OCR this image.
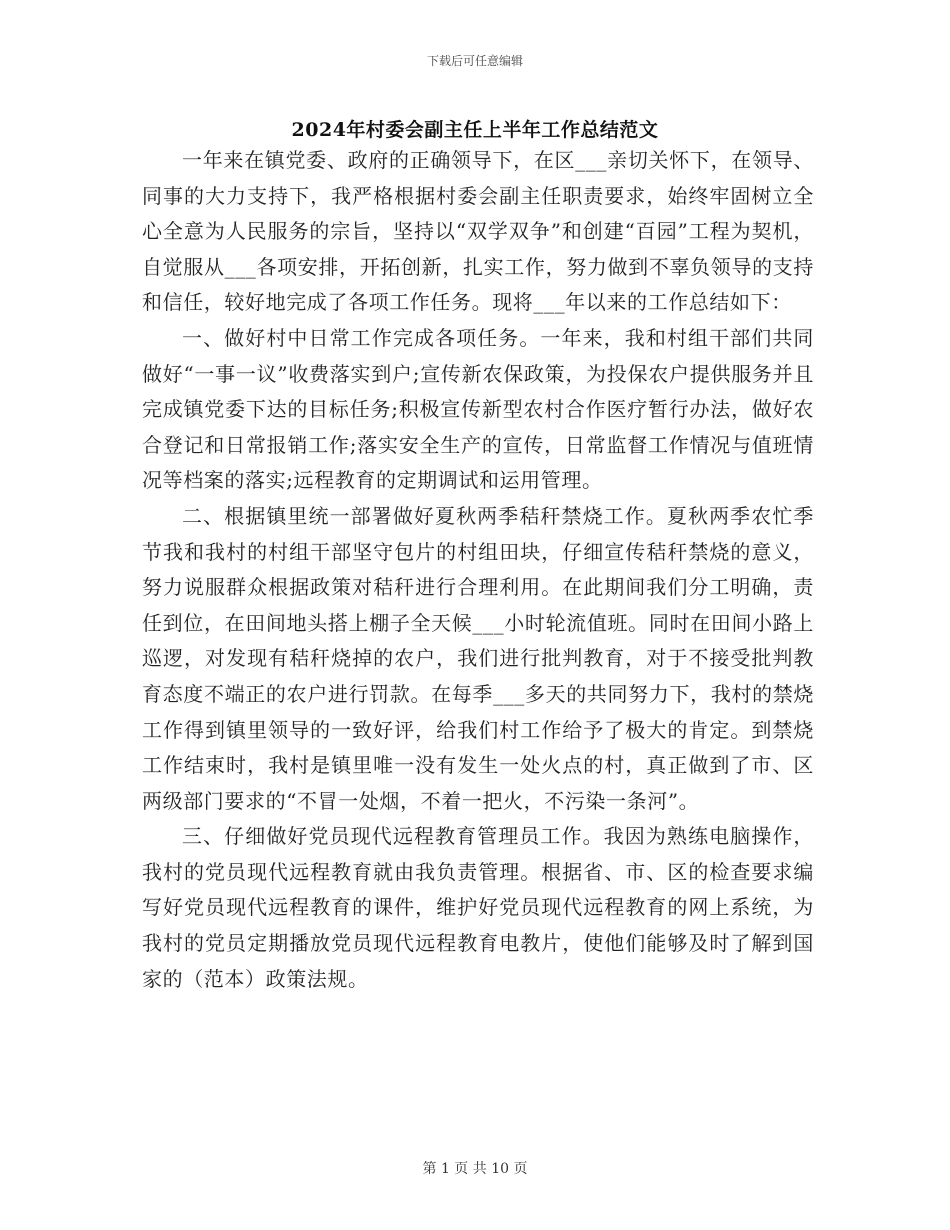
下载后可任意编辑
2024年村委会副主任上半年工作总结范文

一年来在镇党委、政府的正确领导下，在区___亲切关怀下，在领导、同事的大力支持下，我严格根据村委会副主任职责要求，始终牢固树立全心全意为人民服务的宗旨，坚持以“双学双争”和创建“百园”工程为契机，自觉服从___各项安排，开拓创新，扎实工作，努力做到不辜负领导的支持和信任，较好地完成了各项工作任务。现将___年以来的工作总结如下：

一、做好村中日常工作完成各项任务。一年来，我和村组干部们共同做好“一事一议”收费落实到户;宣传新农保政策，为投保农户提供服务并且完成镇党委下达的目标任务;积极宣传新型农村合作医疗暂行办法，做好农合登记和日常报销工作;落实安全生产的宣传，日常监督工作情况与值班情况等档案的落实;远程教育的定期调试和运用管理。

二、根据镇里统一部署做好夏秋两季秸秆禁烧工作。夏秋两季农忙季节我和我村的村组干部坚守包片的村组田块，仔细宣传秸秆禁烧的意义，努力说服群众根据政策对秸秆进行合理利用。在此期间我们分工明确，责任到位，在田间地头搭上棚子全天候___小时轮流值班。同时在田间小路上巡逻，对发现有秸秆烧掉的农户，我们进行批判教育，对于不接受批判教育态度不端正的农户进行罚款。在每季___多天的共同努力下，我村的禁烧工作得到镇里领导的一致好评，给我们村工作给予了极大的肯定。到禁烧工作结束时，我村是镇里唯一没有发生一处火点的村，真正做到了市、区两级部门要求的“不冒一处烟，不着一把火，不污染一条河”。

三、仔细做好党员现代远程教育管理员工作。我因为熟练电脑操作，我村的党员现代远程教育就由我负责管理。根据省、市、区的检查要求编写好党员现代远程教育的课件，维护好党员现代远程教育的网上系统，为我村的党员定期播放党员现代远程教育电教片，使他们能够及时了解到国家的（范本）政策法规。

第 1 页 共 10 页
